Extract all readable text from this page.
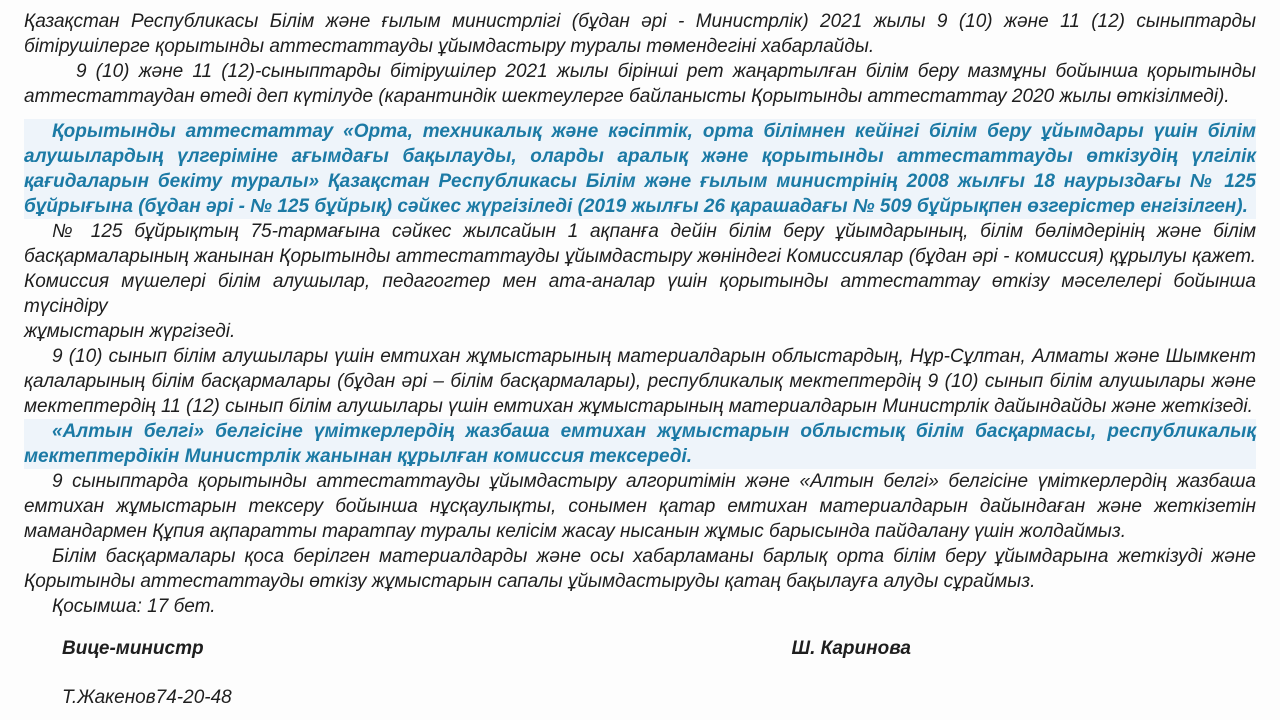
Қазақстан Республикасы Білім және ғылым министрлігі (бұдан әрі - Министрлік) 2021 жылы 9 (10) және 11 (12) сыныптарды
бітірушілерге қорытынды аттестаттауды ұйымдастыру туралы төмендегіні хабарлайды.
9 (10) және 11 (12)-сыныптарды бітірушілер 2021 жылы бірінші рет жаңартылған білім беру мазмұны бойынша қорытынды
аттестаттаудан өтеді деп күтілуде (карантиндік шектеулерге байланысты Қорытынды аттестаттау 2020 жылы өткізілмеді).
Қорытынды аттестаттау «Орта, техникалық және кәсіптік, орта білімнен кейінгі білім беру ұйымдары үшін білім
алушылардың үлгеріміне ағымдағы бақылауды, оларды аралық және қорытынды аттестаттауды өткізудің үлгілік
қағидаларын бекіту туралы» Қазақстан Республикасы Білім және ғылым министрінің 2008 жылғы 18 наурыздағы № 125
бұйрығына (бұдан әрі - № 125 бұйрық) сәйкес жүргізіледі (2019 жылғы 26 қарашадағы № 509 бұйрықпен өзгерістер енгізілген).
№ 125 бұйрықтың 75-тармағына сәйкес жылсайын 1 ақпанға дейін білім беру ұйымдарының, білім бөлімдерінің және білім
басқармаларының жанынан Қорытынды аттестаттауды ұйымдастыру жөніндегі Комиссиялар (бұдан әрі - комиссия) құрылуы қажет.
Комиссия мүшелері білім алушылар, педагогтер мен ата-аналар үшін қорытынды аттестаттау өткізу мәселелері бойынша түсіндіру
жұмыстарын жүргізеді.
9 (10) сынып білім алушылары үшін емтихан жұмыстарының материалдарын облыстардың, Нұр-Сұлтан, Алматы және Шымкент
қалаларының білім басқармалары (бұдан әрі – білім басқармалары), республикалық мектептердің 9 (10) сынып білім алушылары және
мектептердің 11 (12) сынып білім алушылары үшін емтихан жұмыстарының материалдарын Министрлік дайындайды және жеткізеді.
«Алтын белгі» белгісіне үміткерлердің жазбаша емтихан жұмыстарын облыстық білім басқармасы, республикалық
мектептердікін Министрлік жанынан құрылған комиссия тексереді.
9 сыныптарда қорытынды аттестаттауды ұйымдастыру алгоритімін және «Алтын белгі» белгісіне үміткерлердің жазбаша
емтихан жұмыстарын тексеру бойынша нұсқаулықты, сонымен қатар емтихан материалдарын дайындаған және жеткізетін
мамандармен Құпия ақпаратты таратпау туралы келісім жасау нысанын жұмыс барысында пайдалану үшін жолдаймыз.
Білім басқармалары қоса берілген материалдарды және осы хабарламаны барлық орта білім беру ұйымдарына жеткізуді және
Қорытынды аттестаттауды өткізу жұмыстарын сапалы ұйымдастыруды қатаң бақылауға алуды сұраймыз.
Қосымша: 17 бет.
Вице-министр	Ш. Каринова
Т.Жакенов74-20-48
